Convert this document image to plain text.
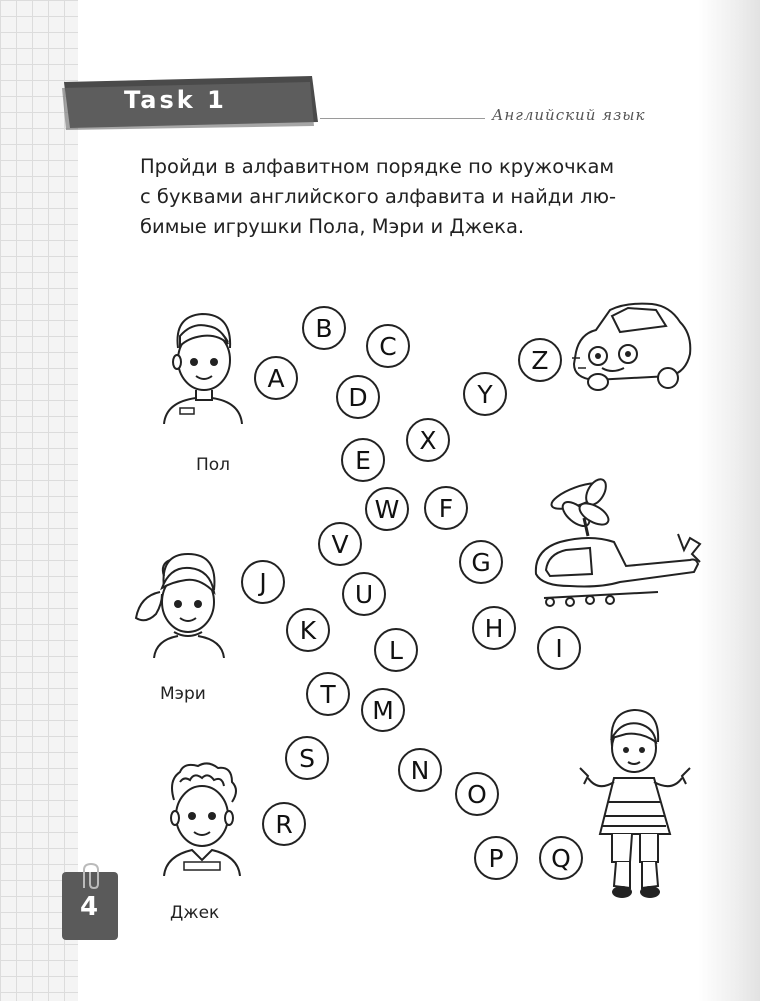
Task 1
Английский язык
Пройди в алфавитном порядке по кружочкам
с буквами английского алфавита и найди лю-
бимые игрушки Пола, Мэри и Джека.
A
B
C
D
E
F
G
H
I
J
K
L
M
N
O
P	Q
R
S
T
U
V
W
X
Y
Z
Пол
Мэри
Джек
4
